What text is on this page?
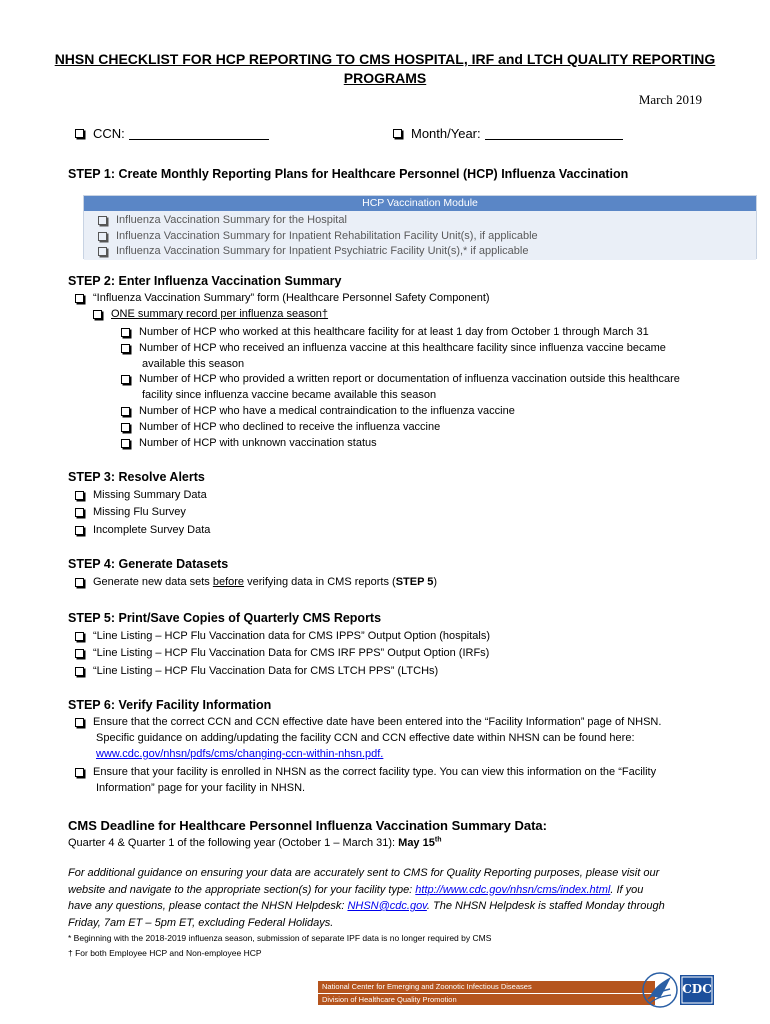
NHSN CHECKLIST FOR HCP REPORTING TO CMS HOSPITAL, IRF and LTCH QUALITY REPORTING PROGRAMS
March 2019
CCN:	Month/Year:
STEP 1: Create Monthly Reporting Plans for Healthcare Personnel (HCP) Influenza Vaccination
HCP Vaccination Module
Influenza Vaccination Summary for the Hospital
Influenza Vaccination Summary for Inpatient Rehabilitation Facility Unit(s), if applicable
Influenza Vaccination Summary for Inpatient Psychiatric Facility Unit(s),* if applicable
STEP 2: Enter Influenza Vaccination Summary
“Influenza Vaccination Summary” form (Healthcare Personnel Safety Component)
ONE summary record per influenza season†
Number of HCP who worked at this healthcare facility for at least 1 day from October 1 through March 31
Number of HCP who received an influenza vaccine at this healthcare facility since influenza vaccine became
available this season
Number of HCP who provided a written report or documentation of influenza vaccination outside this healthcare
facility since influenza vaccine became available this season
Number of HCP who have a medical contraindication to the influenza vaccine
Number of HCP who declined to receive the influenza vaccine
Number of HCP with unknown vaccination status
STEP 3: Resolve Alerts
Missing Summary Data
Missing Flu Survey
Incomplete Survey Data
STEP 4: Generate Datasets
Generate new data sets before verifying data in CMS reports (STEP 5)
STEP 5: Print/Save Copies of Quarterly CMS Reports
“Line Listing – HCP Flu Vaccination data for CMS IPPS” Output Option (hospitals)
“Line Listing – HCP Flu Vaccination Data for CMS IRF PPS” Output Option (IRFs)
“Line Listing – HCP Flu Vaccination Data for CMS LTCH PPS” (LTCHs)
STEP 6: Verify Facility Information
Ensure that the correct CCN and CCN effective date have been entered into the “Facility Information” page of NHSN.
Specific guidance on adding/updating the facility CCN and CCN effective date within NHSN can be found here:
www.cdc.gov/nhsn/pdfs/cms/changing-ccn-within-nhsn.pdf.
Ensure that your facility is enrolled in NHSN as the correct facility type. You can view this information on the “Facility
Information” page for your facility in NHSN.
CMS Deadline for Healthcare Personnel Influenza Vaccination Summary Data:
Quarter 4 & Quarter 1 of the following year (October 1 – March 31): May 15th
For additional guidance on ensuring your data are accurately sent to CMS for Quality Reporting purposes, please visit our
website and navigate to the appropriate section(s) for your facility type: http://www.cdc.gov/nhsn/cms/index.html. If you
have any questions, please contact the NHSN Helpdesk: NHSN@cdc.gov. The NHSN Helpdesk is staffed Monday through
Friday, 7am ET – 5pm ET, excluding Federal Holidays.
* Beginning with the 2018-2019 influenza season, submission of separate IPF data is no longer required by CMS
† For both Employee HCP and Non-employee HCP
National Center for Emerging and Zoonotic Infectious Diseases
Division of Healthcare Quality Promotion
CDC
